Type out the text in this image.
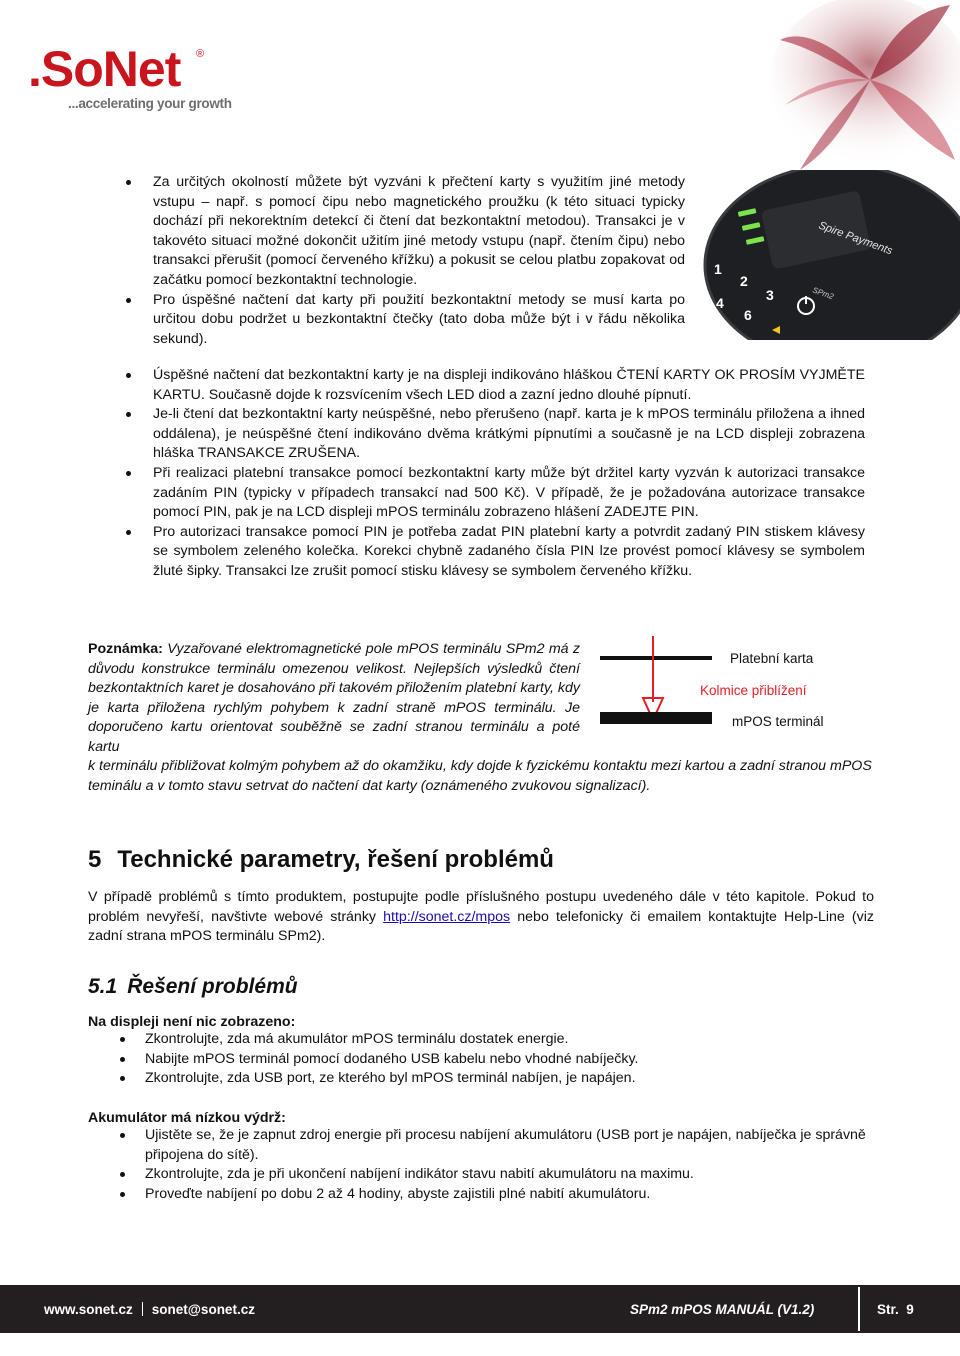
.SoNet ®
...accelerating your growth
Za určitých okolností můžete být vyzváni k přečtení karty s využitím jiné metody vstupu – např. s pomocí čipu nebo magnetického proužku (k této situaci typicky dochází při nekorektním detekcí či čtení dat bezkontaktní metodou). Transakci je v takovéto situaci možné dokončit užitím jiné metody vstupu (např. čtením čipu) nebo transakci přerušit (pomocí červeného křížku) a pokusit se celou platbu zopakovat od začátku pomocí bezkontaktní technologie.
Pro úspěšné načtení dat karty při použití bezkontaktní metody se musí karta po určitou dobu podržet u bezkontaktní čtečky (tato doba může být i v řádu několika sekund).
Spire Payments
SPm2
1
2
3
4
6
Úspěšné načtení dat bezkontaktní karty je na displeji indikováno hláškou ČTENÍ KARTY OK PROSÍM VYJMĚTE KARTU. Současně dojde k rozsvícením všech LED diod a zazní jedno dlouhé pípnutí.
Je-li čtení dat bezkontaktní karty neúspěšné, nebo přerušeno (např. karta je k mPOS terminálu přiložena a ihned oddálena), je neúspěšné čtení indikováno dvěma krátkými pípnutími a současně je na LCD displeji zobrazena hláška TRANSAKCE ZRUŠENA.
Při realizaci platební transakce pomocí bezkontaktní karty může být držitel karty vyzván k autorizaci transakce zadáním PIN (typicky v případech transakcí nad 500 Kč). V případě, že je požadována autorizace transakce pomocí PIN, pak je na LCD displeji mPOS terminálu zobrazeno hlášení ZADEJTE PIN.
Pro autorizaci transakce pomocí PIN je potřeba zadat PIN platební karty a potvrdit zadaný PIN stiskem klávesy se symbolem zeleného kolečka. Korekci chybně zadaného čísla PIN lze provést pomocí klávesy se symbolem žluté šipky. Transakci lze zrušit pomocí stisku klávesy se symbolem červeného křížku.
Poznámka: Vyzařované elektromagnetické pole mPOS terminálu SPm2 má z důvodu konstrukce terminálu omezenou velikost. Nejlepších výsledků čtení bezkontaktních karet je dosahováno při takovém přiložením platební karty, kdy je karta přiložena rychlým pohybem k zadní straně mPOS terminálu. Je doporučeno kartu orientovat souběžně se zadní stranou terminálu a poté kartu
k terminálu přibližovat kolmým pohybem až do okamžiku, kdy dojde k fyzickému kontaktu mezi kartou a zadní stranou mPOS teminálu a v tomto stavu setrvat do načtení dat karty (oznámeného zvukovou signalizací).
Platební karta
Kolmice přiblížení
mPOS terminál
5 Technické parametry, řešení problémů
V případě problémů s tímto produktem, postupujte podle příslušného postupu uvedeného dále v této kapitole. Pokud to problém nevyřeší, navštivte webové stránky http://sonet.cz/mpos nebo telefonicky či emailem kontaktujte Help-Line (viz zadní strana mPOS terminálu SPm2).
5.1 Řešení problémů
Na displeji není nic zobrazeno:
Zkontrolujte, zda má akumulátor mPOS terminálu dostatek energie.
Nabijte mPOS terminál pomocí dodaného USB kabelu nebo vhodné nabíječky.
Zkontrolujte, zda USB port, ze kterého byl mPOS terminál nabíjen, je napájen.
Akumulátor má nízkou výdrž:
Ujistěte se, že je zapnut zdroj energie při procesu nabíjení akumulátoru (USB port je napájen, nabíječka je správně připojena do sítě).
Zkontrolujte, zda je při ukončení nabíjení indikátor stavu nabití akumulátoru na maximu.
Proveďte nabíjení po dobu 2 až 4 hodiny, abyste zajistili plné nabití akumulátoru.
www.sonet.cz sonet@sonet.cz	SPm2 mPOS MANUÁL (V1.2)	Str. 9
